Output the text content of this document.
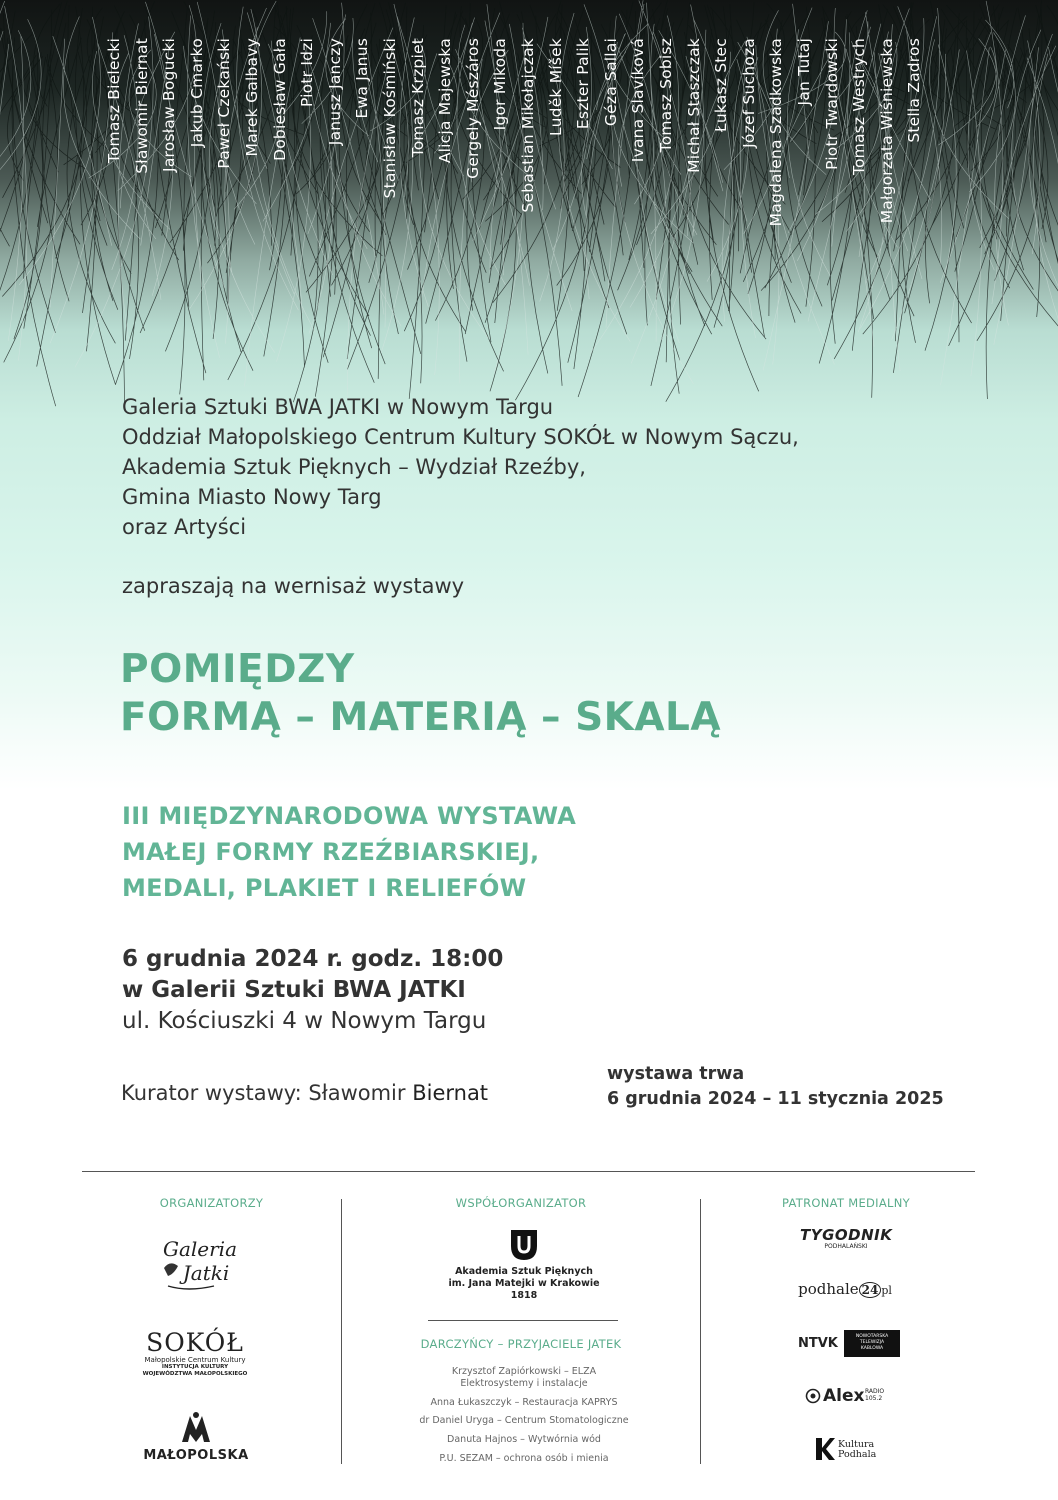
Tomasz Bielecki Sławomir Biernat Jarosław Bogucki Jakub Cmarko Paweł Czekański Marek Galbavy Dobiesław Gała Piotr Idzi Janusz Janczy Ewa Janus Stanisław Kośmiński Tomasz Krzpiet Alicja Majewska Gergely Mészáros Igor Mikoda Sebastian Mikołajczak Luděk Míšek Eszter Palik Géza Sallai Ivana Slavíková Tomasz Sobisz Michał Staszczak Łukasz Stec Józef Suchoza Magdalena Szadkowska Jan Tutaj Piotr Twardowski Tomasz Westrych Małgorzata Wiśniewska Stella Zadros
Galeria Sztuki BWA JATKI w Nowym Targu
Oddział Małopolskiego Centrum Kultury SOKÓŁ w Nowym Sączu,
Akademia Sztuk Pięknych – Wydział Rzeźby,
Gmina Miasto Nowy Targ
oraz Artyści
zapraszają na wernisaż wystawy
POMIĘDZY
FORMĄ – MATERIĄ – SKALĄ
III MIĘDZYNARODOWA WYSTAWA
MAŁEJ FORMY RZEŹBIARSKIEJ,
MEDALI, PLAKIET I RELIEFÓW
6 grudnia 2024 r. godz. 18:00
w Galerii Sztuki BWA JATKI
ul. Kościuszki 4 w Nowym Targu
Kurator wystawy: Sławomir Biernat
wystawa trwa
6 grudnia 2024 – 11 stycznia 2025
ORGANIZATORZY
Galeria
Jatki
SOKÓŁ
Małopolskie Centrum Kultury
INSTYTUCJA KULTURY
WOJEWÓDZTWA MAŁOPOLSKIEGO
MAŁOPOLSKA
WSPÓŁORGANIZATOR
Akademia Sztuk Pięknych
im. Jana Matejki w Krakowie
1818
DARCZYŃCY – PRZYJACIELE JATEK
Krzysztof Zapiórkowski – ELZA
Elektrosystemy i instalacje
Anna Łukaszczyk – Restauracja KAPRYS
dr Daniel Uryga – Centrum Stomatologiczne
Danuta Hajnos – Wytwórnia wód
P.U. SEZAM – ochrona osób i mienia
PATRONAT MEDIALNY
TYGODNIK
PODHALAŃSKI
podhale 24 pl
NTVK	NOWOTARSKA
TELEWIZJA
KABLOWA
Alex RADIO
105.2
Kultura
Podhala
